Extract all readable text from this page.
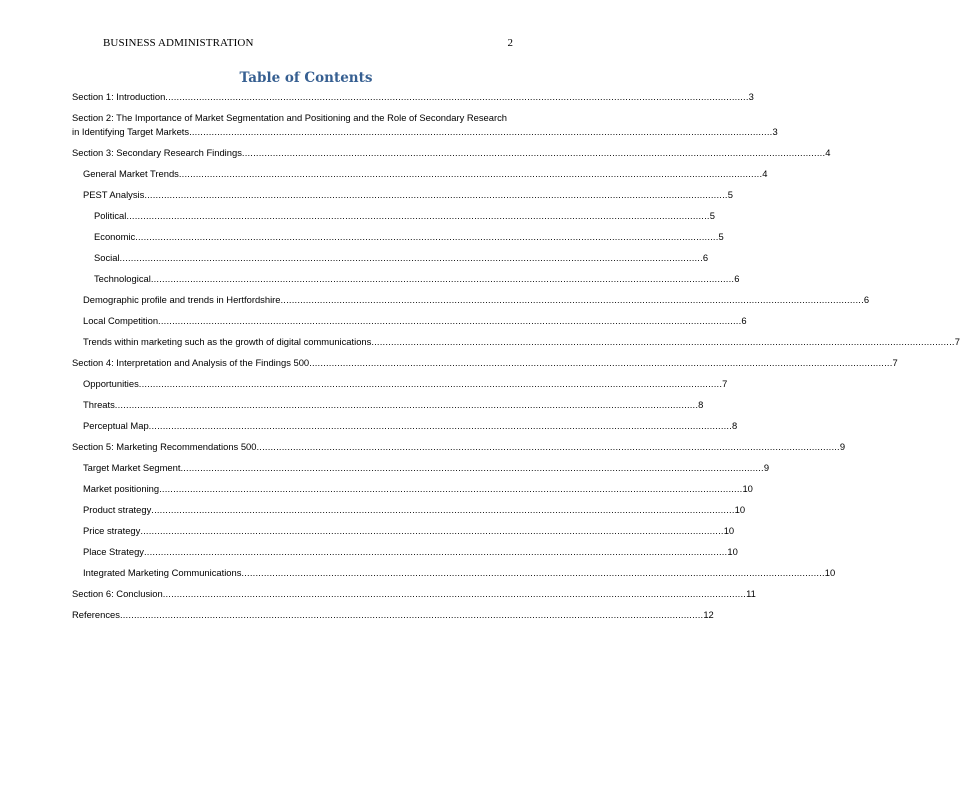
BUSINESS ADMINISTRATION	2
Table of Contents
Section 1: Introduction ................................................................................................................................................................................................................ 3
Section 2: The Importance of Market Segmentation and Positioning and the Role of Secondary Research
in Identifying Target Markets ................................................................................................................................................................................................................ 3
Section 3: Secondary Research Findings ................................................................................................................................................................................................................ 4
General Market Trends ................................................................................................................................................................................................................ 4
PEST Analysis ................................................................................................................................................................................................................ 5
Political ................................................................................................................................................................................................................ 5
Economic ................................................................................................................................................................................................................ 5
Social ................................................................................................................................................................................................................ 6
Technological ................................................................................................................................................................................................................ 6
Demographic profile and trends in Hertfordshire ................................................................................................................................................................................................................ 6
Local Competition ................................................................................................................................................................................................................ 6
Trends within marketing such as the growth of digital communications ................................................................................................................................................................................................................ 7
Section 4: Interpretation and Analysis of the Findings 500 ................................................................................................................................................................................................................ 7
Opportunities ................................................................................................................................................................................................................ 7
Threats ................................................................................................................................................................................................................ 8
Perceptual Map ................................................................................................................................................................................................................ 8
Section 5: Marketing Recommendations 500 ................................................................................................................................................................................................................ 9
Target Market Segment ................................................................................................................................................................................................................ 9
Market positioning ................................................................................................................................................................................................................ 10
Product strategy ................................................................................................................................................................................................................ 10
Price strategy ................................................................................................................................................................................................................ 10
Place Strategy ................................................................................................................................................................................................................ 10
Integrated Marketing Communications ................................................................................................................................................................................................................ 10
Section 6: Conclusion ................................................................................................................................................................................................................ 11
References ................................................................................................................................................................................................................ 12
